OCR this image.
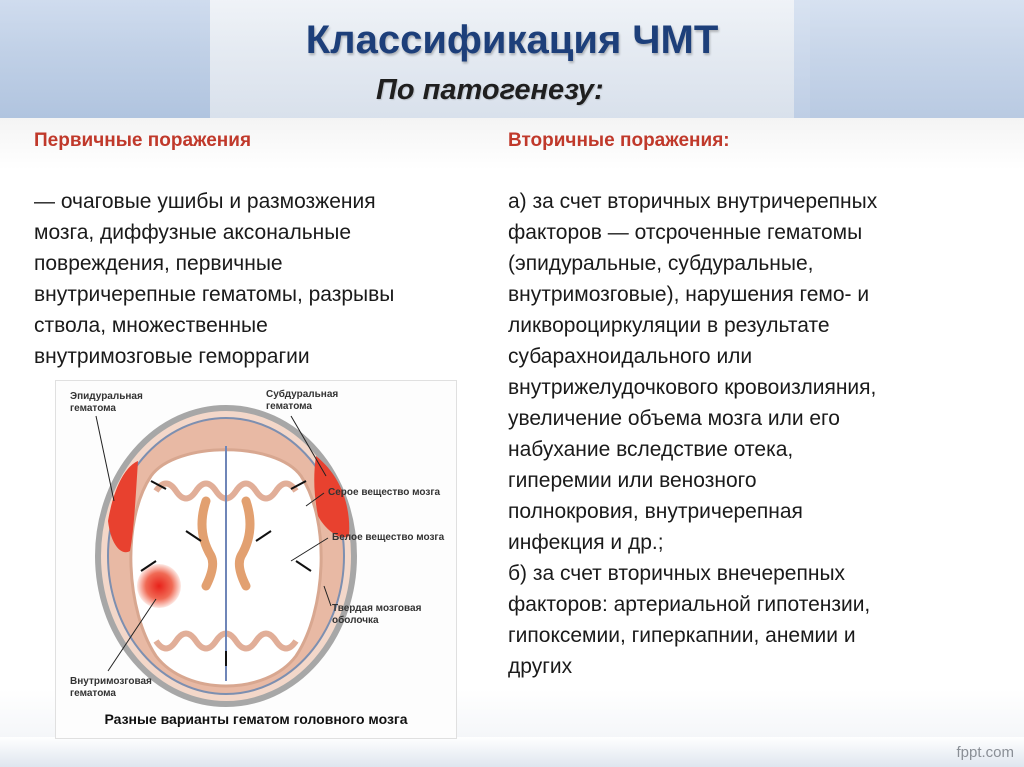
Классификация ЧМТ
По патогенезу:
Первичные поражения
— очаговые ушибы и размозжения
мозга, диффузные аксональные
повреждения, первичные
внутричерепные гематомы, разрывы
ствола, множественные
внутримозговые геморрагии
Вторичные поражения:
а) за счет вторичных внутричерепных
факторов — отсроченные гематомы
(эпидуральные, субдуральные,
внутримозговые), нарушения гемо- и
ликвороциркуляции в результате
субарахноидального или
внутрижелудочкового кровоизлияния,
увеличение объема мозга или его
набухание вследствие отека,
гиперемии или венозного
полнокровия, внутричерепная
инфекция и др.;
б) за счет вторичных внечерепных
факторов: артериальной гипотензии,
гипоксемии, гиперкапнии, анемии и
других
Эпидуральная
гематома
Субдуральная
гематома
Серое вещество мозга
Белое вещество мозга
Твердая мозговая
оболочка
Внутримозговая
гематома
Разные варианты гематом головного мозга
fppt.com
